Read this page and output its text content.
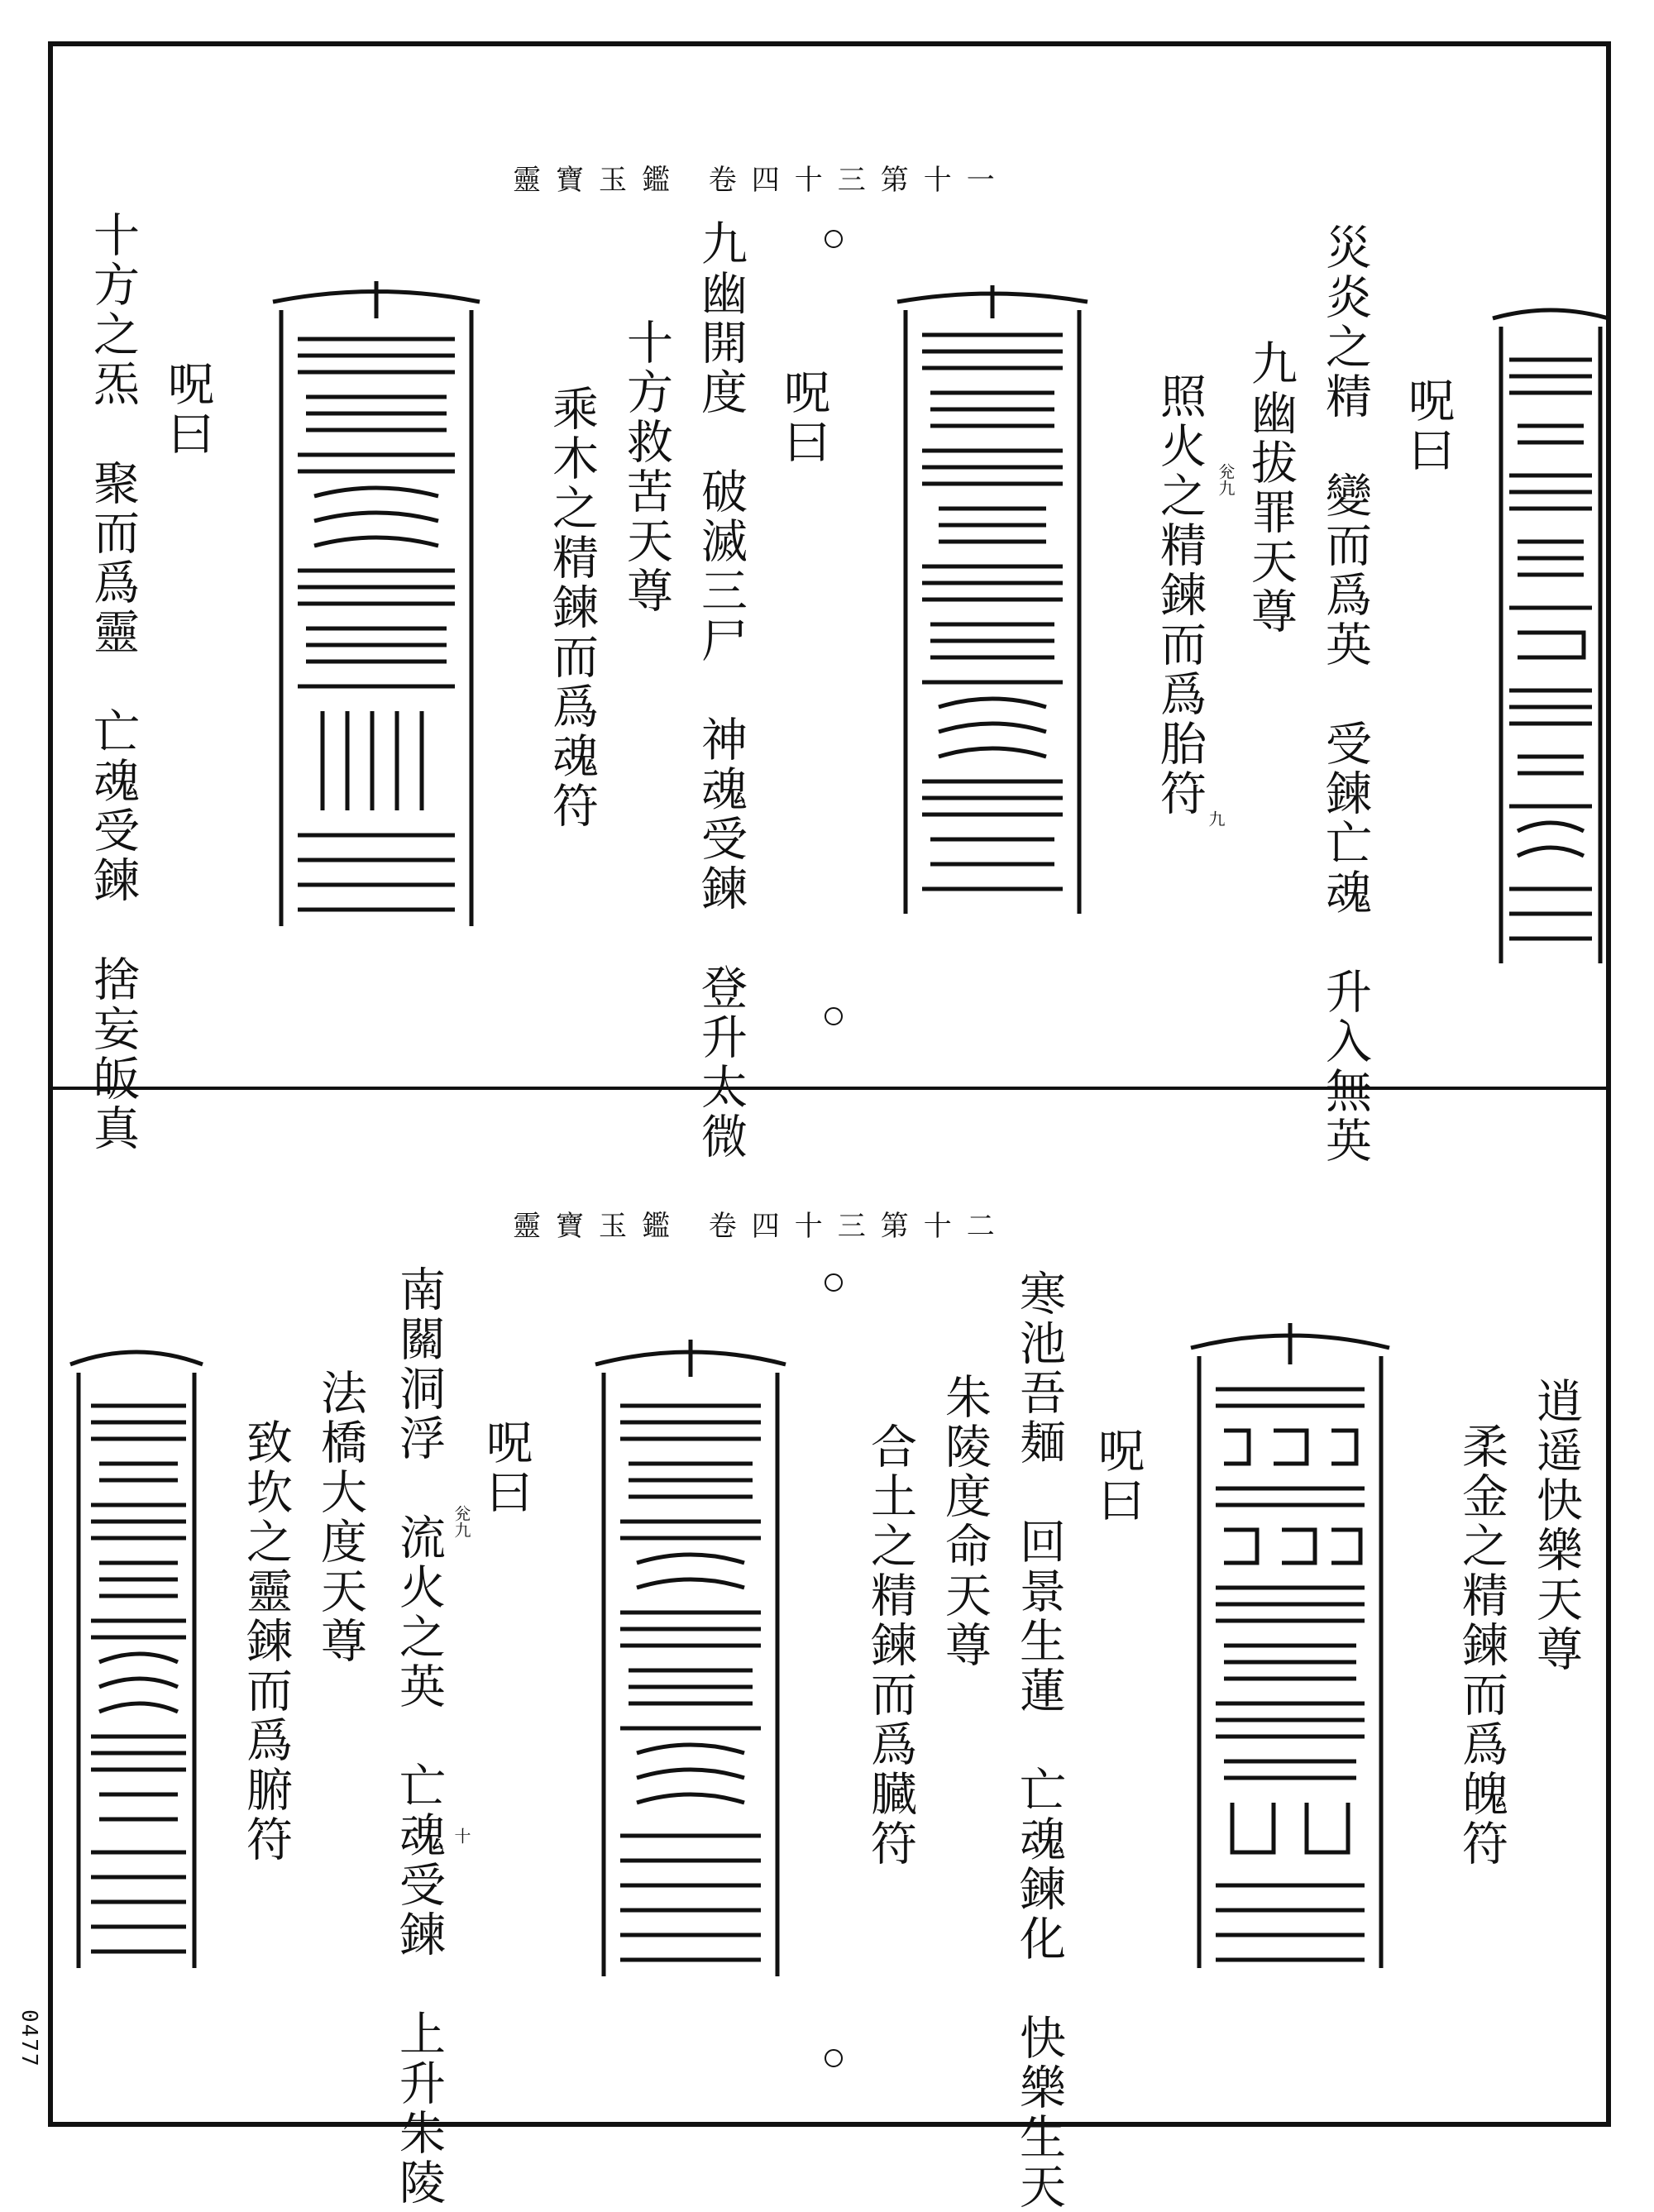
靈寶玉鑑 卷四十三第十一
呪曰
災炎之精　變而爲英　受鍊亡魂　升入無英
九幽拔罪天尊
兊九
照火之精鍊而爲胎符 九
九幽開度　破滅三尸　神魂受鍊　登升太微 呪曰
十方救苦天尊
乘木之精鍊而爲魂符
呪曰
十方之炁　聚而爲靈　亡魂受鍊　捨妄皈真
靈寶玉鑑 卷四十三第十二
逍遥快樂天尊
柔金之精鍊而爲魄符
呪曰
寒池吾麺　回景生蓮　亡魂鍊化　快樂生天
朱陵度命天尊
合土之精鍊而爲臓符
南關洞浮　流火之英　亡魂受鍊　上升朱陵 兊九
十
呪曰
法橋大度天尊
致坎之靈鍊而爲腑符
0477
